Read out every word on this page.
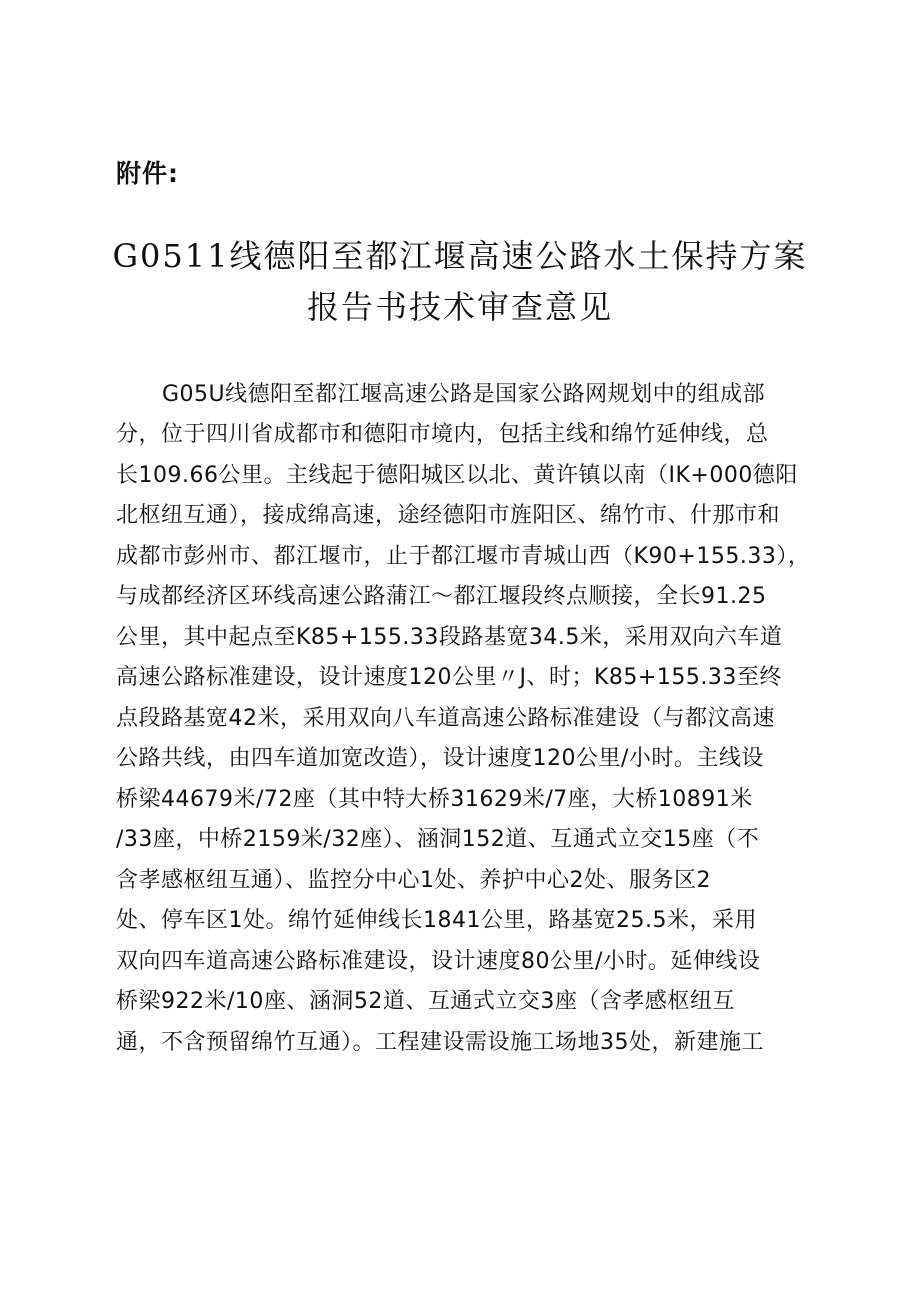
附件:
G0511线德阳至都江堰高速公路水土保持方案
报告书技术审查意见
G05U线德阳至都江堰高速公路是国家公路网规划中的组成部
分，位于四川省成都市和德阳市境内，包括主线和绵竹延伸线，总
长109.66公里。主线起于德阳城区以北、黄许镇以南（IK+000德阳
北枢纽互通），接成绵高速，途经德阳市旌阳区、绵竹市、什那市和
成都市彭州市、都江堰市，止于都江堰市青城山西（K90+155.33），
与成都经济区环线高速公路蒲江～都江堰段终点顺接，全长91.25
公里，其中起点至K85+155.33段路基宽34.5米，采用双向六车道
高速公路标准建设，设计速度120公里〃J、时；K85+155.33至终
点段路基宽42米，采用双向八车道高速公路标准建设（与都汶高速
公路共线，由四车道加宽改造），设计速度120公里/小时。主线设
桥梁44679米/72座（其中特大桥31629米/7座，大桥10891米
/33座，中桥2159米/32座）、涵洞152道、互通式立交15座（不
含孝感枢纽互通）、监控分中心1处、养护中心2处、服务区2
处、停车区1处。绵竹延伸线长1841公里，路基宽25.5米，采用
双向四车道高速公路标准建设，设计速度80公里/小时。延伸线设
桥梁922米/10座、涵洞52道、互通式立交3座（含孝感枢纽互
通，不含预留绵竹互通）。工程建设需设施工场地35处，新建施工
